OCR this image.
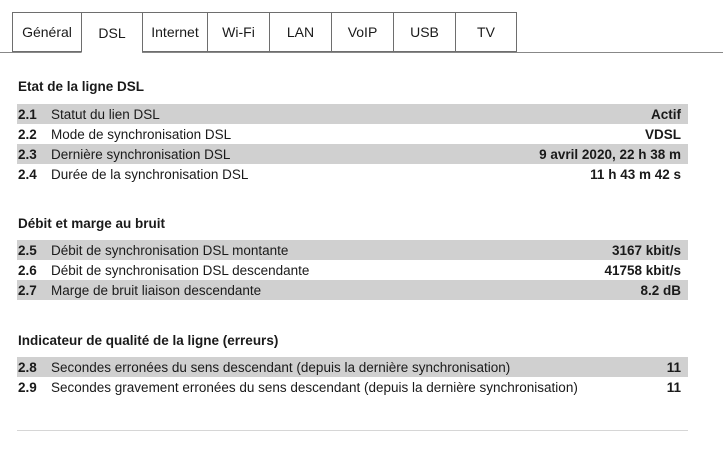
Général DSL Internet Wi-Fi LAN VoIP USB	TV
Etat de la ligne DSL
2.1	Statut du lien DSL	Actif
2.2	Mode de synchronisation DSL	VDSL
2.3	Dernière synchronisation DSL	9 avril 2020, 22 h 38 m
2.4	Durée de la synchronisation DSL	11 h 43 m 42 s
Débit et marge au bruit
2.5	Débit de synchronisation DSL montante	3167 kbit/s
2.6	Débit de synchronisation DSL descendante	41758 kbit/s
2.7	Marge de bruit liaison descendante	8.2 dB
Indicateur de qualité de la ligne (erreurs)
2.8	Secondes erronées du sens descendant (depuis la dernière synchronisation)	11
2.9	Secondes gravement erronées du sens descendant (depuis la dernière synchronisation)	11
